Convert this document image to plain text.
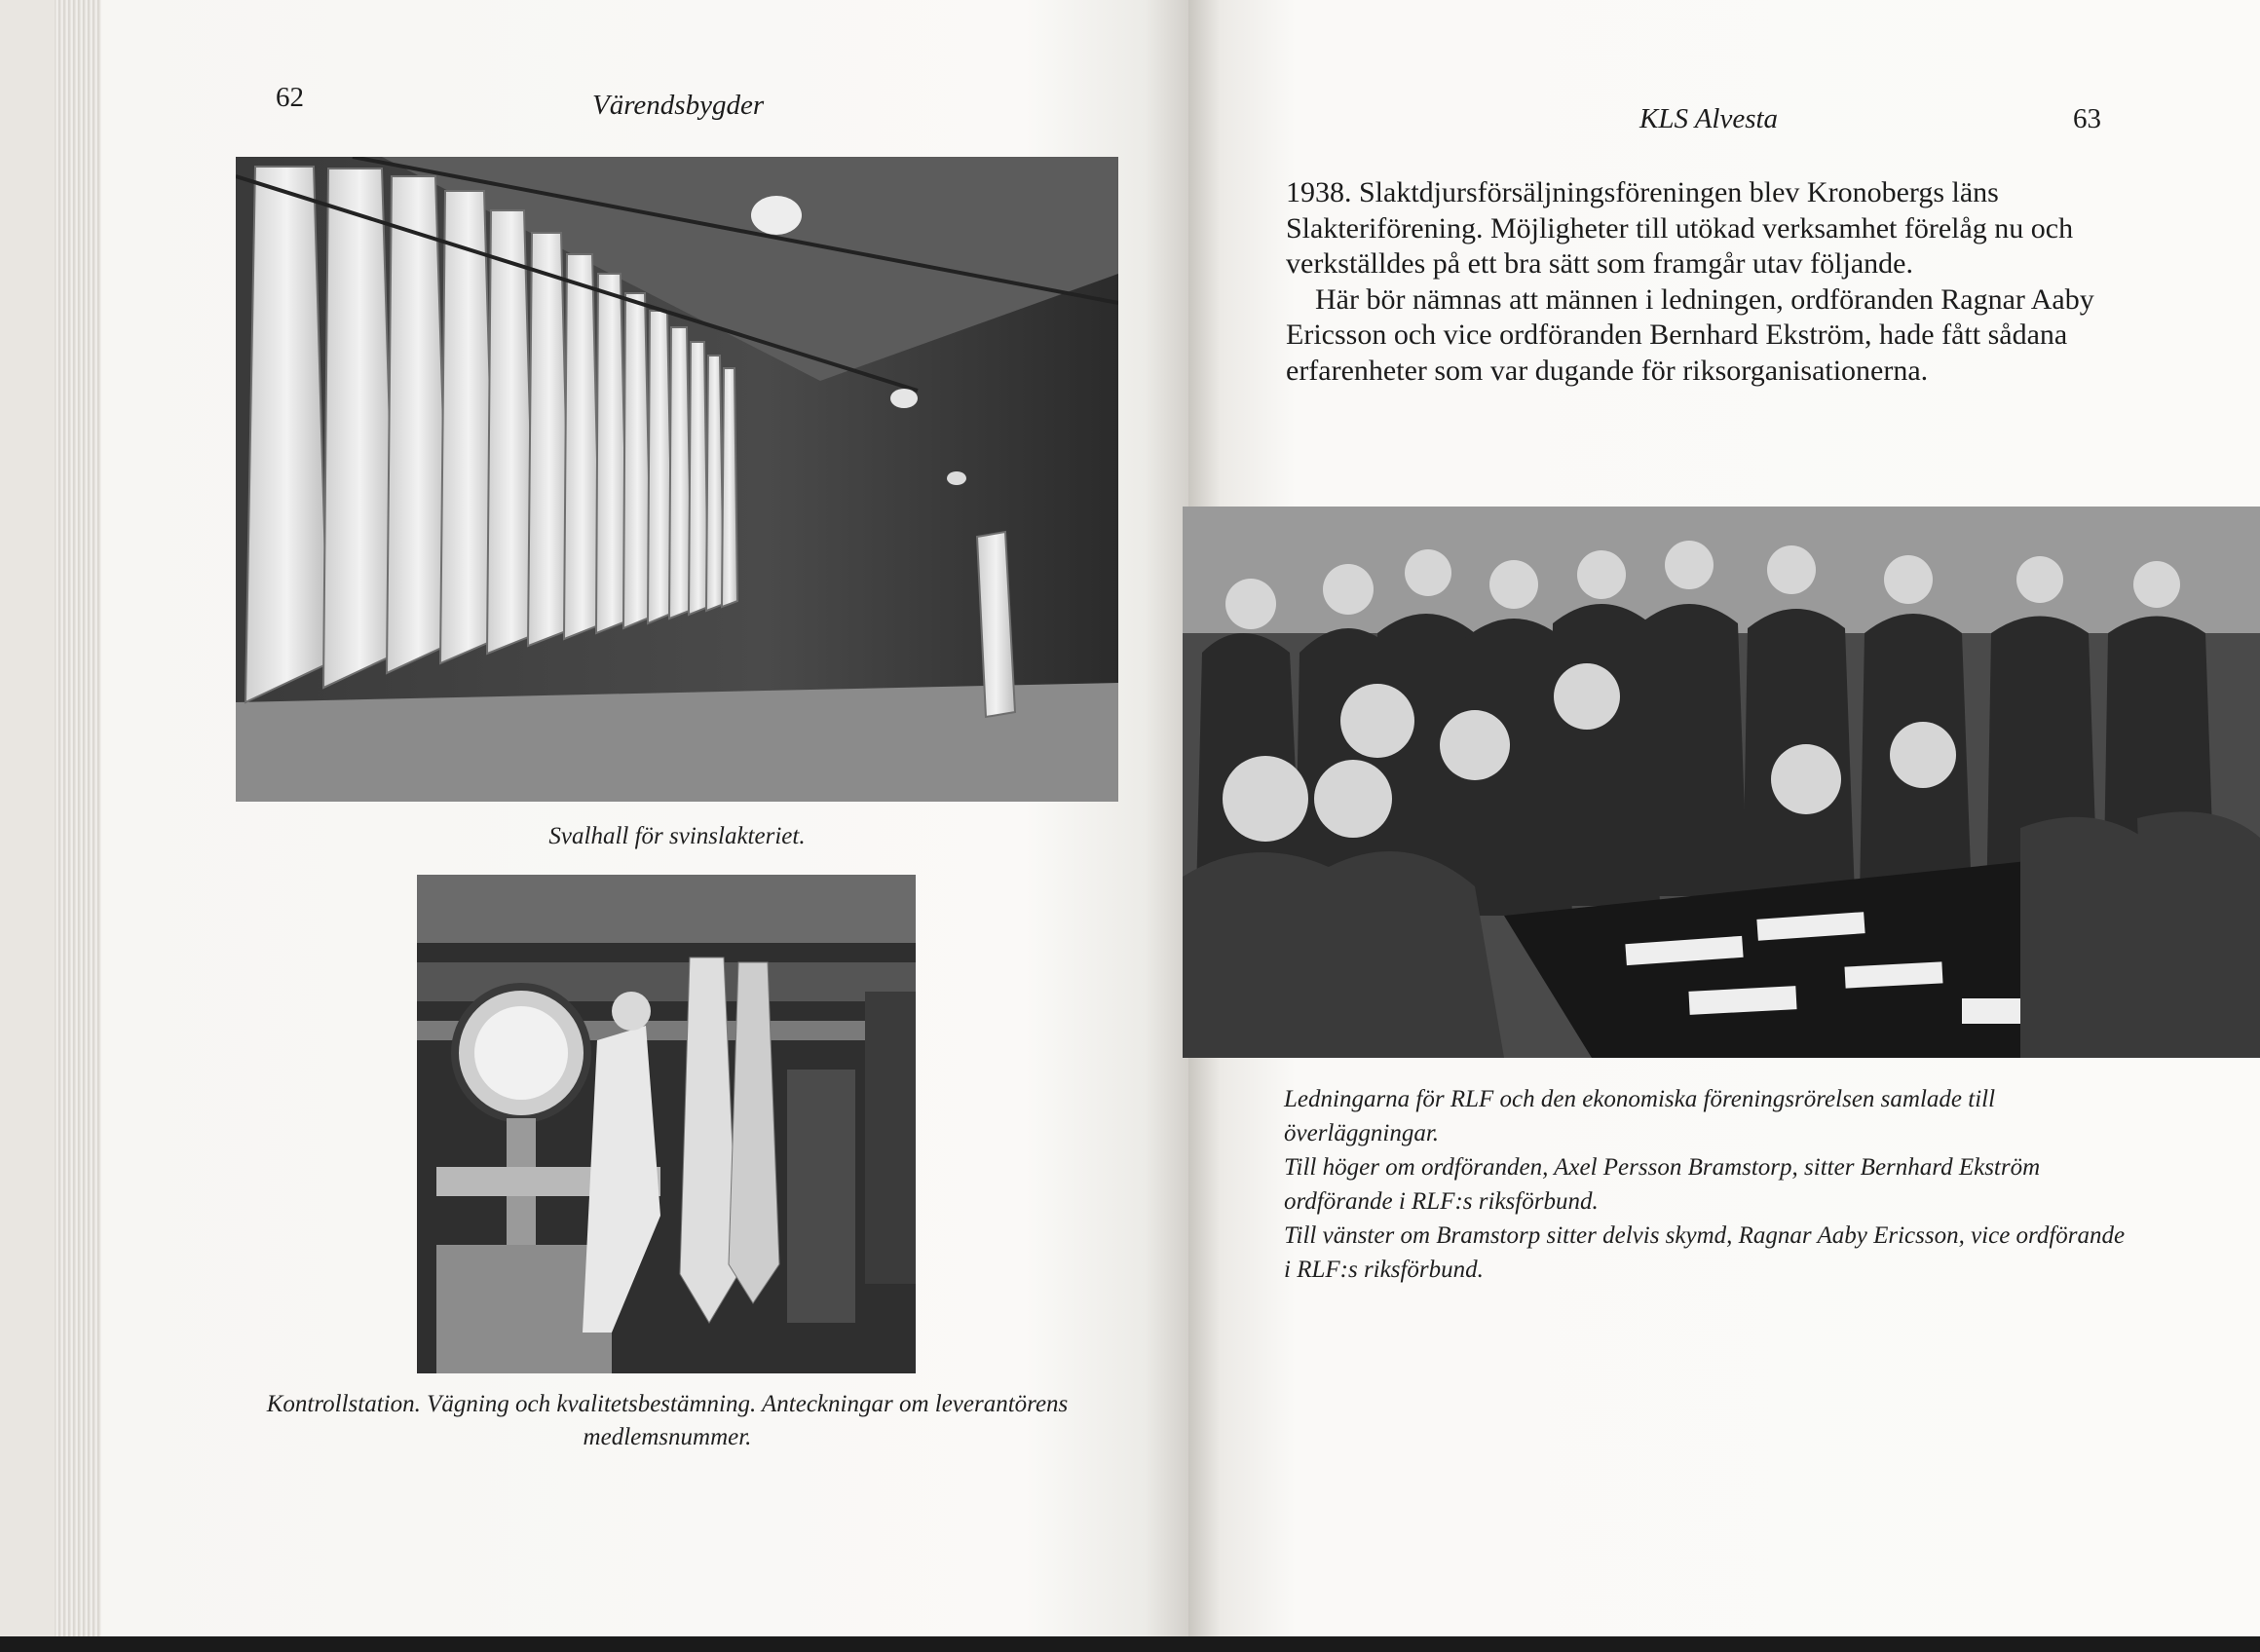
62	Värendsbygder
Svalhall för svinslakteriet.
Kontrollstation. Vägning och kvalitetsbestämning. Anteckningar om leverantörens medlemsnummer.
KLS Alvesta	63

1938. Slaktdjursförsäljningsföreningen blev Kronobergs läns Slakteriförening. Möjligheter till utökad verksamhet förelåg nu och verkställdes på ett bra sätt som framgår utav följande.

Här bör nämnas att männen i ledningen, ordföranden Ragnar Aaby Ericsson och vice ordföranden Bernhard Ekström, hade fått sådana erfarenheter som var dugande för riksorganisationerna.

Ledningarna för RLF och den ekonomiska föreningsrörelsen samlade till överläggningar.

Till höger om ordföranden, Axel Persson Bramstorp, sitter Bernhard Ekström ordförande i RLF:s riksförbund.

Till vänster om Bramstorp sitter delvis skymd, Ragnar Aaby Ericsson, vice ordförande i RLF:s riksförbund.
